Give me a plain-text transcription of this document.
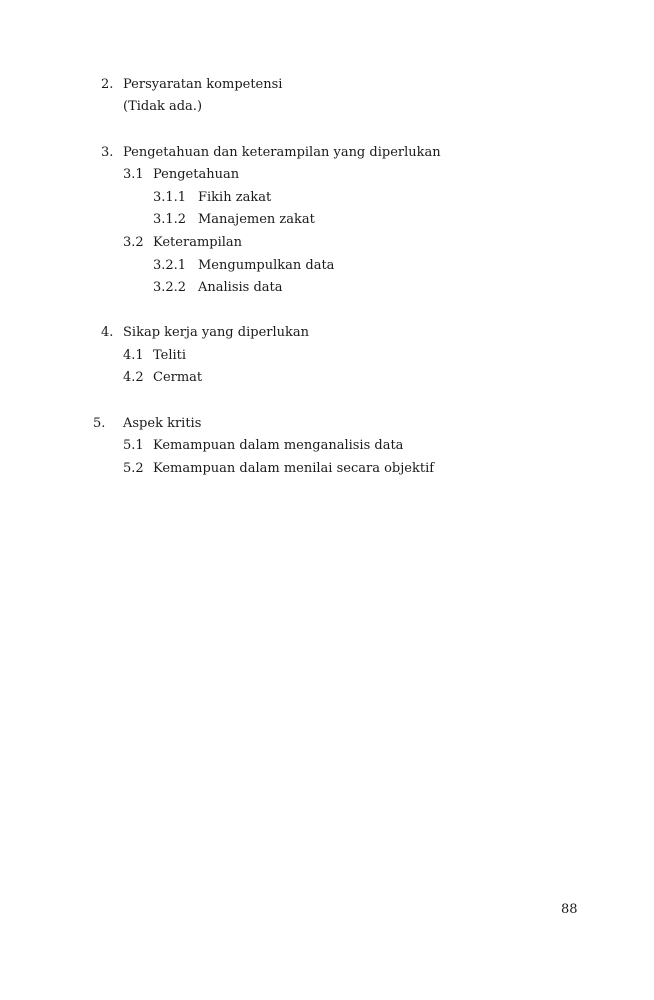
2. Persyaratan kompetensi
(Tidak ada.)
3. Pengetahuan dan keterampilan yang diperlukan
3.1 Pengetahuan
3.1.1 Fikih zakat
3.1.2 Manajemen zakat
3.2 Keterampilan
3.2.1 Mengumpulkan data
3.2.2 Analisis data
4. Sikap kerja yang diperlukan
4.1 Teliti
4.2 Cermat
5. Aspek kritis
5.1 Kemampuan dalam menganalisis data
5.2 Kemampuan dalam menilai secara objektif
88
